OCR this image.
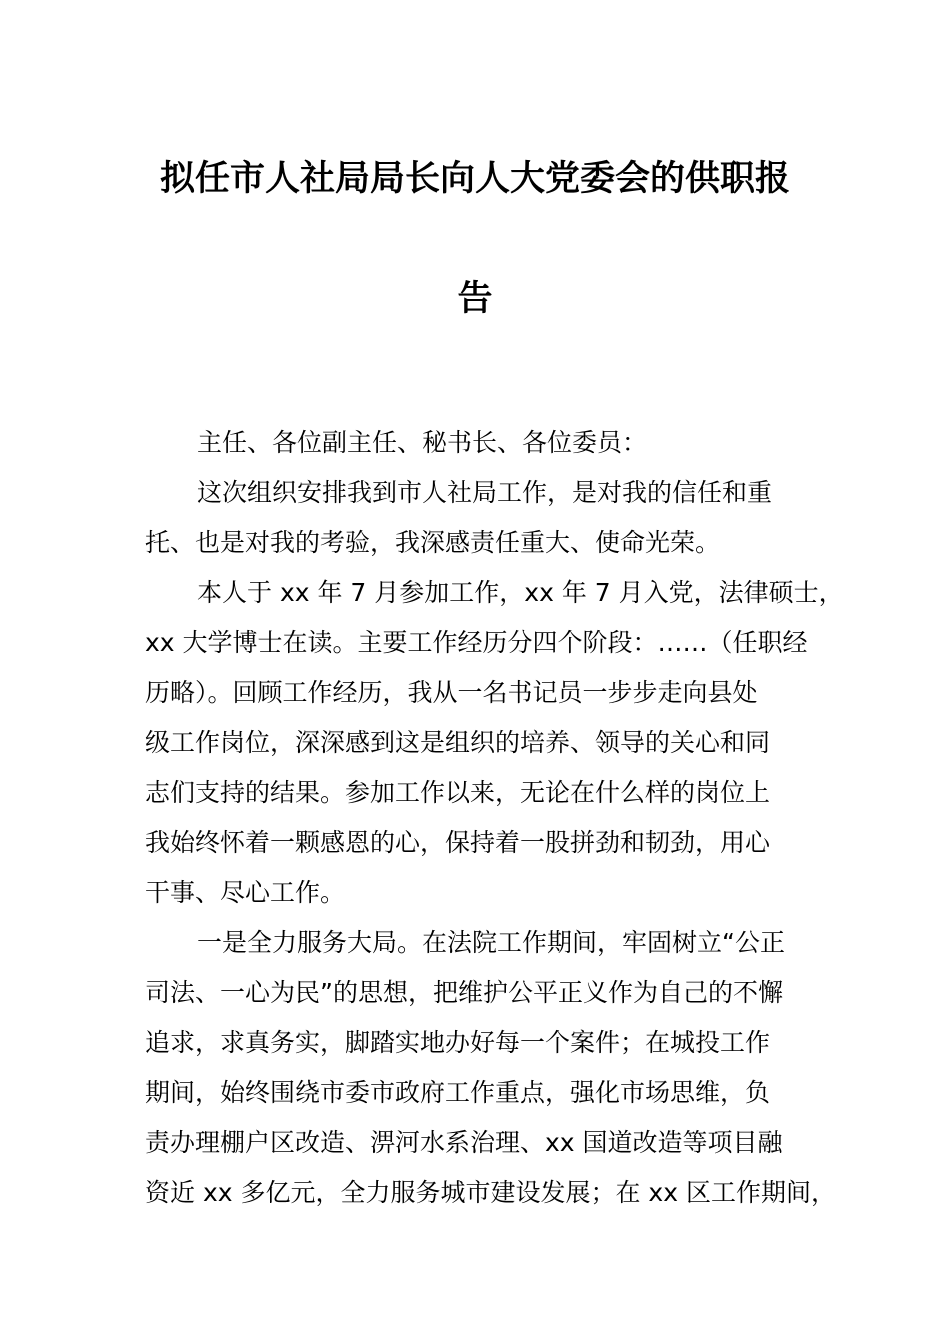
拟任市人社局局长向人大党委会的供职报
告
主任、各位副主任、秘书长、各位委员：
这次组织安排我到市人社局工作，是对我的信任和重
托、也是对我的考验，我深感责任重大、使命光荣。
本人于 xx 年 7 月参加工作，xx 年 7 月入党，法律硕士，
xx 大学博士在读。主要工作经历分四个阶段：……（任职经
历略）。回顾工作经历，我从一名书记员一步步走向县处
级工作岗位，深深感到这是组织的培养、领导的关心和同
志们支持的结果。参加工作以来，无论在什么样的岗位上
我始终怀着一颗感恩的心，保持着一股拼劲和韧劲，用心
干事、尽心工作。
一是全力服务大局。在法院工作期间，牢固树立“公正
司法、一心为民”的思想，把维护公平正义作为自己的不懈
追求，求真务实，脚踏实地办好每一个案件；在城投工作
期间，始终围绕市委市政府工作重点，强化市场思维，负
责办理棚户区改造、淠河水系治理、xx 国道改造等项目融
资近 xx 多亿元，全力服务城市建设发展；在 xx 区工作期间，
